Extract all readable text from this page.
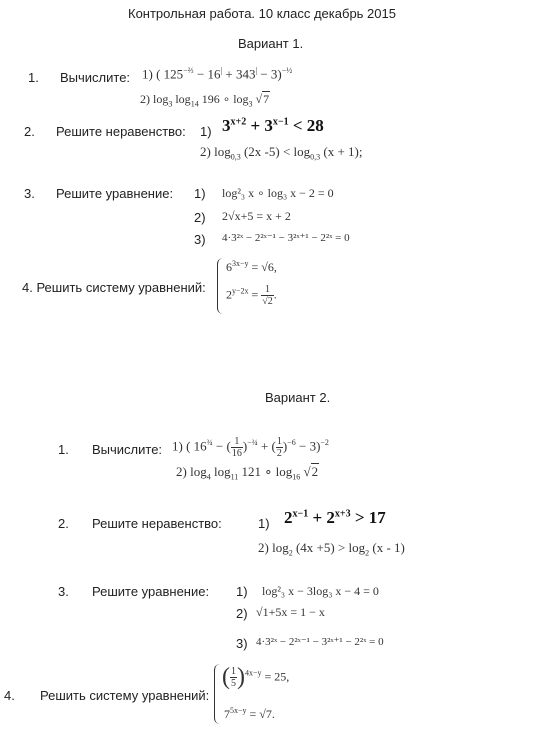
Контрольная работа. 10 класс декабрь 2015
Вариант 1.
1. Вычислите: 1) ( $125^{-\frac{2}{3}} - 16^| + 343^| - 3)^{-\frac{1}{2}}$
2) $\log_3 \log_{14} 196$ ∘ $\log_3 √7$
2. Решите неравенство: 1) $3^{x+2} + 3^{x-1} < 28$
2) $\log_{0,3} (2x$ $-5) < \log_{0,3} (x + 1)$;
3. Решите уравнение: 1) log²₃ x ∘ log₃ x − 2 = 0
2) 2√x+5 = x + 2
3) 4·3²ˣ − 2²ˣ⁻¹ − 3²ˣ⁺¹ − 2²ˣ = 0
4. Решить систему уравнений:
$6^{3x-y} = √6$,
$2^{y-2x} = \frac{1}{√2}$ .
Вариант 2.
1. Вычислите: 1) ( $16^{\frac{3}{4}}$ − ( $\frac{1}{16} )^{-\frac{3}{4}}$ + ( $\frac{1}{2} )^{-6} - 3)^{-2}$
2) $\log_4 \log_{11} 121$ ∘ $\log_{16} √2$
2. Решите неравенство:	1) $2^{x-1} + 2^{x+3} > 17$
2) $\log_2 (4x +5) > \log_2 (x - 1)$
3. Решите уравнение: 1) log²₃ x − 3log₃ x − 4 = 0
2) √1+5x = 1 − x
3) 4·3²ˣ − 2²ˣ⁻¹ − 3²ˣ⁺¹ − 2²ˣ = 0
4. Решить систему уравнений:
( $\frac{1}{5} )^{4x-y} = 25$,
$7^{5x-y} = √7$.
